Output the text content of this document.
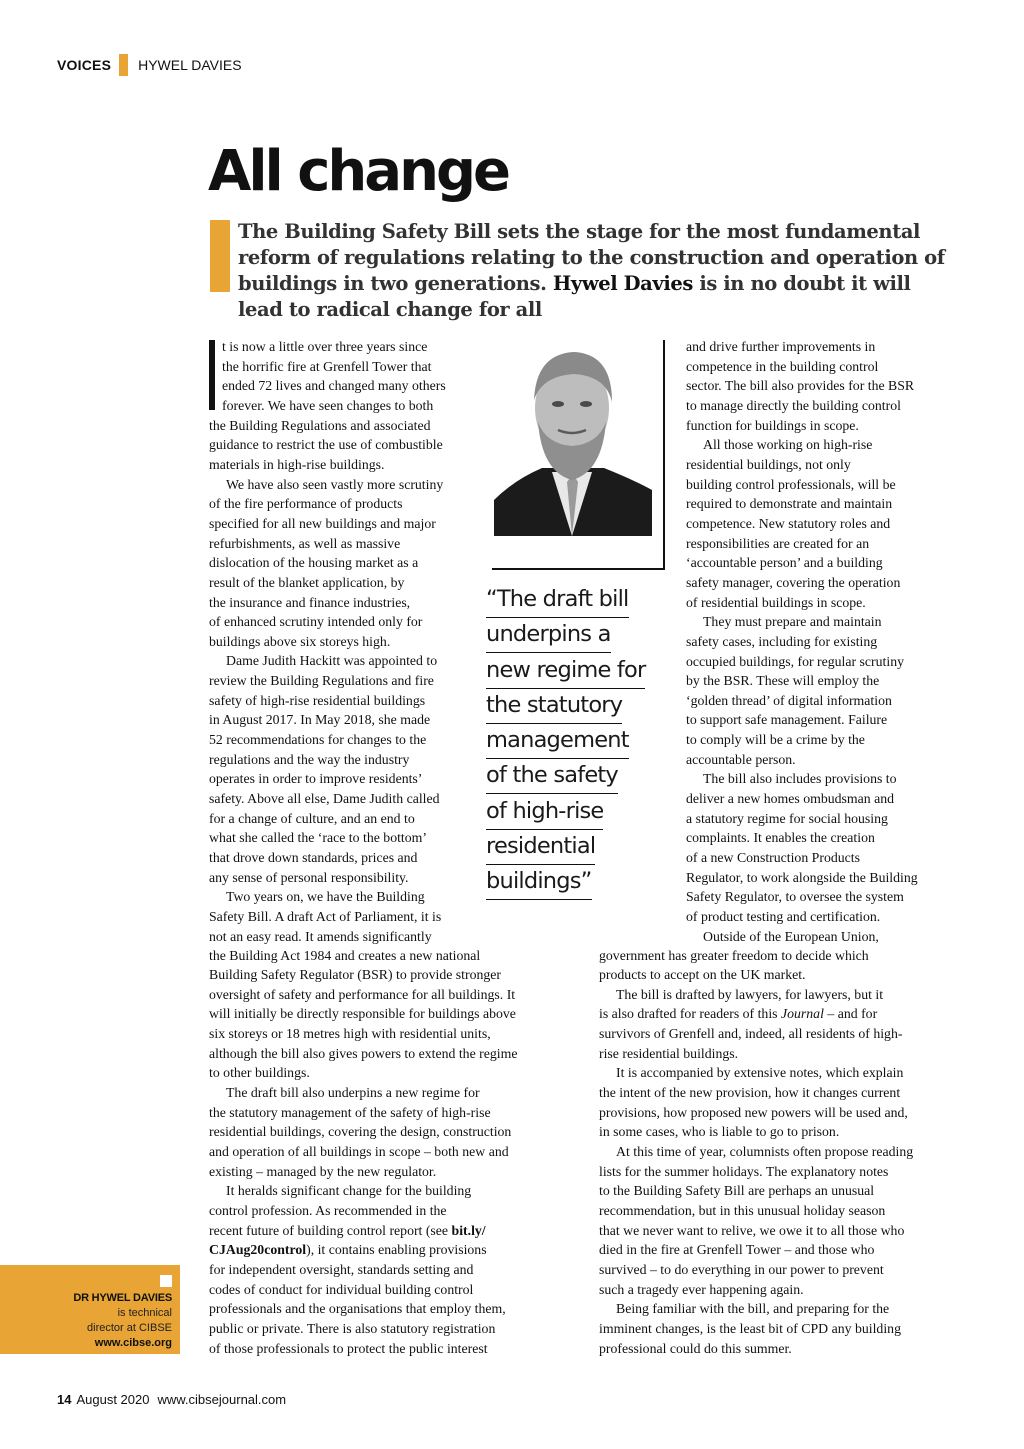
VOICES HYWEL DAVIES
All change

The Building Safety Bill sets the stage for the most fundamental reform of regulations relating to the construction and operation of buildings in two generations. Hywel Davies is in no doubt it will lead to radical change for all

t is now a little over three years since

the horrific fire at Grenfell Tower that

ended 72 lives and changed many others

forever. We have seen changes to both

the Building Regulations and associated

guidance to restrict the use of combustible

materials in high-rise buildings.

We have also seen vastly more scrutiny

of the fire performance of products

specified for all new buildings and major

refurbishments, as well as massive

dislocation of the housing market as a

result of the blanket application, by

the insurance and finance industries,

of enhanced scrutiny intended only for

buildings above six storeys high.

Dame Judith Hackitt was appointed to

review the Building Regulations and fire

safety of high-rise residential buildings

in August 2017. In May 2018, she made

52 recommendations for changes to the

regulations and the way the industry

operates in order to improve residents’

safety. Above all else, Dame Judith called

for a change of culture, and an end to

what she called the ‘race to the bottom’

that drove down standards, prices and

any sense of personal responsibility.

Two years on, we have the Building

Safety Bill. A draft Act of Parliament, it is

not an easy read. It amends significantly

the Building Act 1984 and creates a new national

Building Safety Regulator (BSR) to provide stronger

oversight of safety and performance for all buildings. It

will initially be directly responsible for buildings above

six storeys or 18 metres high with residential units,

although the bill also gives powers to extend the regime

to other buildings.

The draft bill also underpins a new regime for

the statutory management of the safety of high-rise

residential buildings, covering the design, construction

and operation of all buildings in scope – both new and

existing – managed by the new regulator.

It heralds significant change for the building

control profession. As recommended in the

recent future of building control report (see bit.ly/

CJAug20control), it contains enabling provisions

for independent oversight, standards setting and

codes of conduct for individual building control

professionals and the organisations that employ them,

public or private. There is also statutory registration

of those professionals to protect the public interest

“The draft bill
underpins a
new regime for
the statutory
management
of the safety
of high-rise
residential
buildings”

and drive further improvements in

competence in the building control

sector. The bill also provides for the BSR

to manage directly the building control

function for buildings in scope.

All those working on high-rise

residential buildings, not only

building control professionals, will be

required to demonstrate and maintain

competence. New statutory roles and

responsibilities are created for an

‘accountable person’ and a building

safety manager, covering the operation

of residential buildings in scope.

They must prepare and maintain

safety cases, including for existing

occupied buildings, for regular scrutiny

by the BSR. These will employ the

‘golden thread’ of digital information

to support safe management. Failure

to comply will be a crime by the

accountable person.

The bill also includes provisions to

deliver a new homes ombudsman and

a statutory regime for social housing

complaints. It enables the creation

of a new Construction Products

Regulator, to work alongside the Building

Safety Regulator, to oversee the system

of product testing and certification.

Outside of the European Union,

government has greater freedom to decide which

products to accept on the UK market.

The bill is drafted by lawyers, for lawyers, but it

is also drafted for readers of this Journal – and for

survivors of Grenfell and, indeed, all residents of high-

rise residential buildings.

It is accompanied by extensive notes, which explain

the intent of the new provision, how it changes current

provisions, how proposed new powers will be used and,

in some cases, who is liable to go to prison.

At this time of year, columnists often propose reading

lists for the summer holidays. The explanatory notes

to the Building Safety Bill are perhaps an unusual

recommendation, but in this unusual holiday season

that we never want to relive, we owe it to all those who

died in the fire at Grenfell Tower – and those who

survived – to do everything in our power to prevent

such a tragedy ever happening again.

Being familiar with the bill, and preparing for the

imminent changes, is the least bit of CPD any building

professional could do this summer.

DR HYWEL DAVIES
is technical
director at CIBSE
www.cibse.org
14 August 2020 www.cibsejournal.com
